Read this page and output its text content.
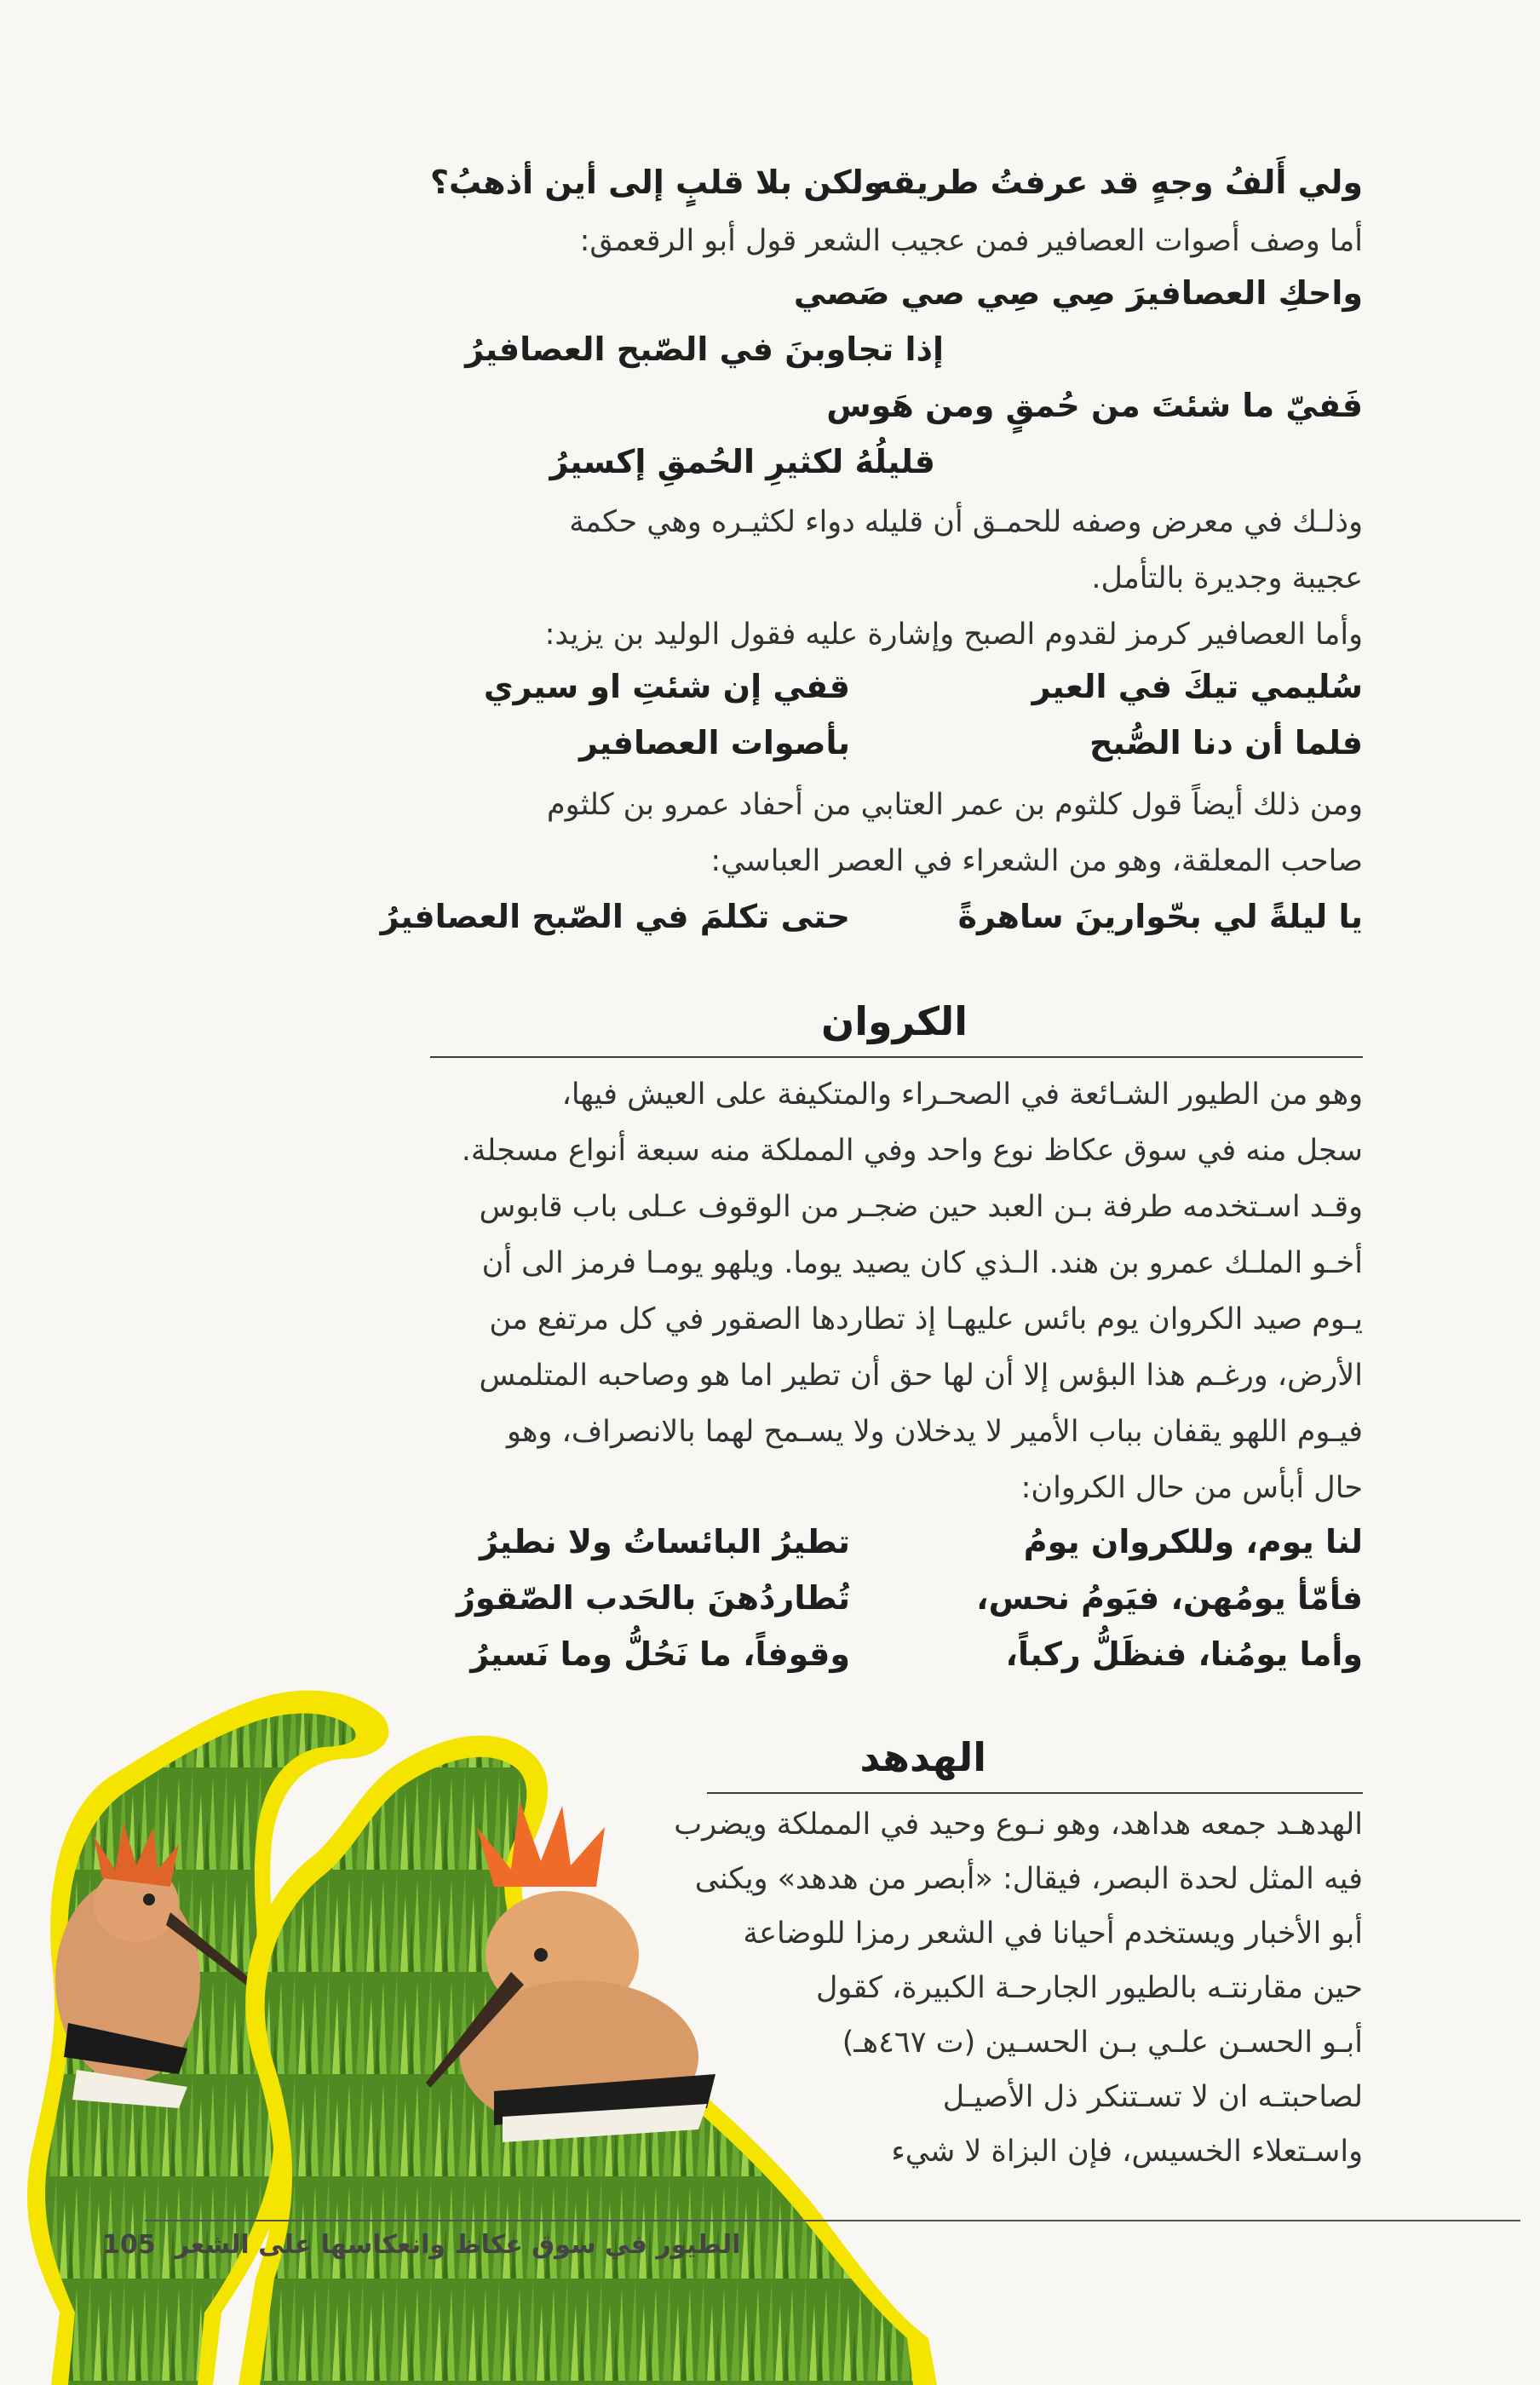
ولي أَلفُ وجهٍ قد عرفتُ طريقه
ولكن بلا قلبٍ إلى أين أذهبُ؟
أما وصف أصوات العصافير فمن عجيب الشعر قول أبو الرقعمق:
واحكِ العصافيرَ صِي صِي صي صَصي
إذا تجاوبنَ في الصّبح العصافيرُ
فَفيّ ما شئتَ من حُمقٍ ومن هَوس
قليلُهُ لكثيرِ الحُمقِ إكسيرُ
وذلـك في معرض وصفه للحمـق أن قليله دواء لكثيـره وهي حكمة
عجيبة وجديرة بالتأمل.
وأما العصافير كرمز لقدوم الصبح وإشارة عليه فقول الوليد بن يزيد:
سُليمي تيكَ في العير
قفي إن شئتِ او سيري
فلما أن دنا الصُّبح
بأصوات العصافير
ومن ذلك أيضاً قول كلثوم بن عمر العتابي من أحفاد عمرو بن كلثوم
صاحب المعلقة، وهو من الشعراء في العصر العباسي:
يا ليلةً لي بحّوارينَ ساهرةً
حتى تكلمَ في الصّبح العصافيرُ
الكروان
وهو من الطيور الشـائعة في الصحـراء والمتكيفة على العيش فيها،
سجل منه في سوق عكاظ نوع واحد وفي المملكة منه سبعة أنواع مسجلة.
وقـد اسـتخدمه طرفة بـن العبد حين ضجـر من الوقوف عـلى باب قابوس
أخـو الملـك عمرو بن هند. الـذي كان يصيد يوما. ويلهو يومـا فرمز الى أن
يـوم صيد الكروان يوم بائس عليهـا إذ تطاردها الصقور في كل مرتفع من
الأرض، ورغـم هذا البؤس إلا أن لها حق أن تطير اما هو وصاحبه المتلمس
فيـوم اللهو يقفان بباب الأمير لا يدخلان ولا يسـمح لهما بالانصراف، وهو
حال أبأس من حال الكروان:
لنا يوم، وللكروان يومُ
تطيرُ البائساتُ ولا نطيرُ
فأمّأ يومُهن، فيَومُ نحس،
تُطاردُهنَ بالحَدب الصّقورُ
وأما يومُنا، فنظَلُّ ركباً،
وقوفاً، ما نَحُلُّ وما نَسيرُ
الهدهد
الهدهـد جمعه هداهد، وهو نـوع وحيد في المملكة ويضرب
فيه المثل لحدة البصر، فيقال: «أبصر من هدهد» ويكنى
أبو الأخبار ويستخدم أحيانا في الشعر رمزا للوضاعة
حين مقارنتـه بالطيور الجارحـة الكبيرة، كقول
أبـو الحسـن علـي بـن الحسـين (ت ٤٦٧هـ)
لصاحبتـه ان لا تسـتنكر ذل الأصيـل
واسـتعلاء الخسيس، فإن البزاة لا شيء
الطيور في سوق عكاظ وانعكاسها على الشعر
105
